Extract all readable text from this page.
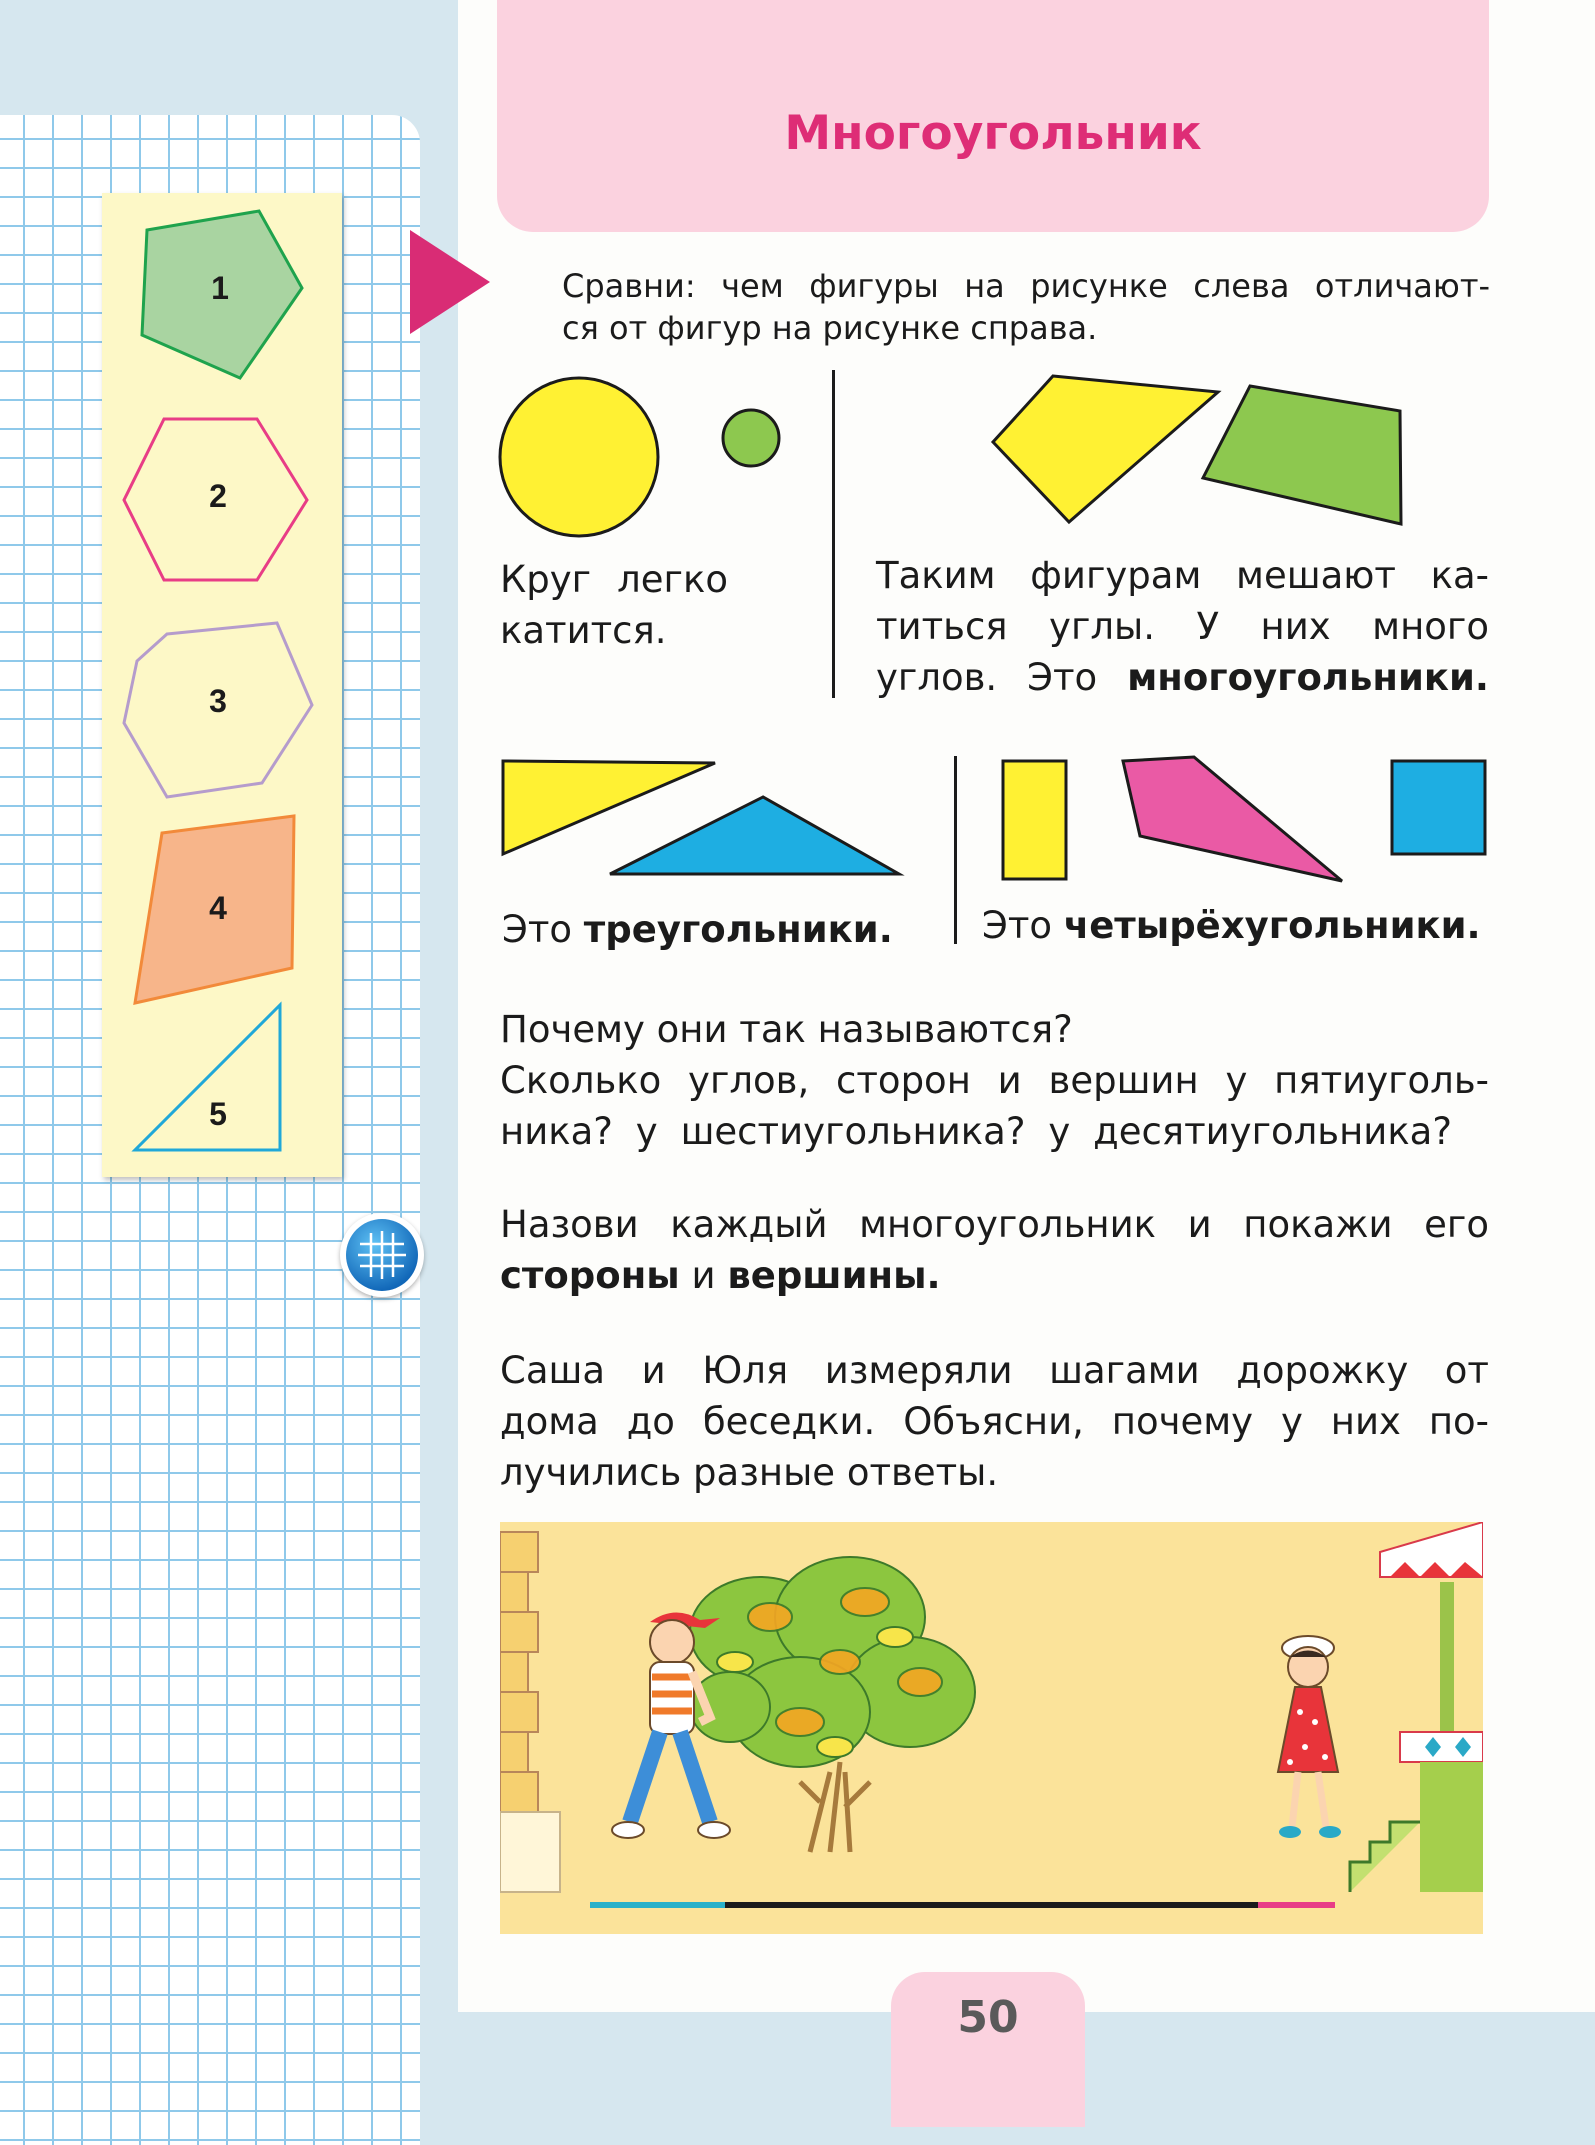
1
2
3
4
5
Многоугольник

Сравни: чем фигуры на рисунке слева отличают-

ся от фигур на рисунке справа.

Круг легко

катится.

Таким фигурам мешают ка-

титься углы. У них много

углов. Это многоугольники.

Это треугольники.	Это четырёхугольники.

Почему они так называются?

Сколько углов, сторон и вершин у пятиуголь-

ника? у шестиугольника? у десятиугольника?

Назови каждый многоугольник и покажи его

стороны и вершины.

Саша и Юля измеряли шагами дорожку от

дома до беседки. Объясни, почему у них по-

лучились разные ответы.

50
